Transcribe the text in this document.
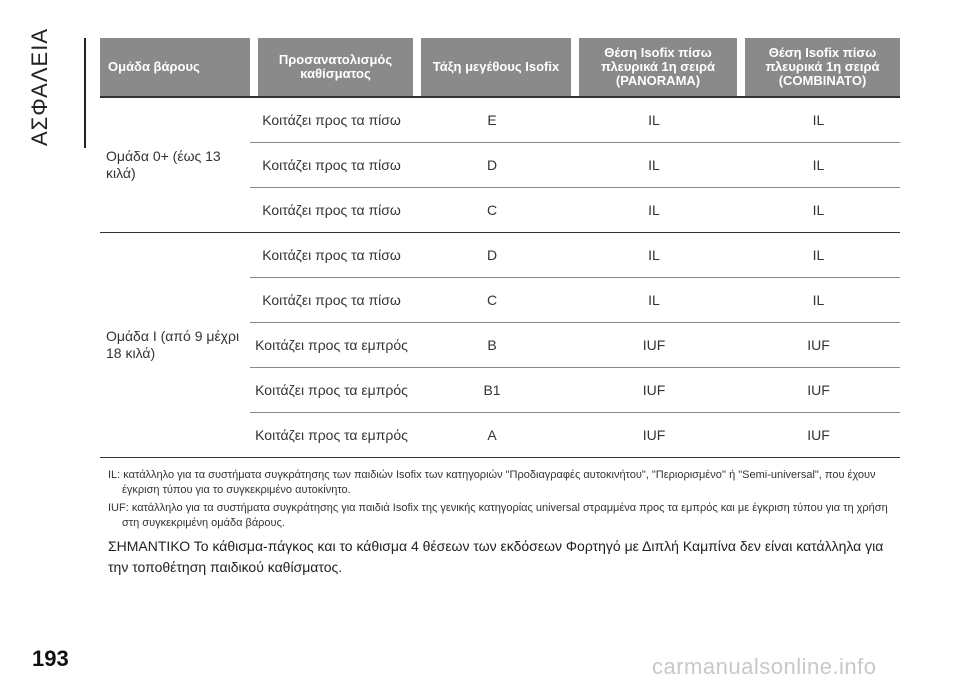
ΑΣΦΑΛΕΙΑ	Ομάδα βάρους		Προσανατολισμός καθίσματος		Τάξη μεγέθους Isofix		Θέση Isofix πίσω πλευρικά 1η σειρά (PANORAMA)		Θέση Isofix πίσω πλευρικά 1η σειρά (COMBINATO)
Ομάδα 0+ (έως 13 κιλά)	Κοιτάζει προς τα πίσω		E		IL		IL	
	Κοιτάζει προς τα πίσω		D		IL		IL	
	Κοιτάζει προς τα πίσω		C		IL		IL	
Ομάδα I (από 9 μέχρι 18 κιλά)	Κοιτάζει προς τα πίσω		D		IL		IL	
	Κοιτάζει προς τα πίσω		C		IL		IL	
	Κοιτάζει προς τα εμπρός		B		IUF		IUF	
	Κοιτάζει προς τα εμπρός		B1		IUF		IUF	
	Κοιτάζει προς τα εμπρός		A		IUF		IUF	

IL: κατάλληλο για τα συστήματα συγκράτησης των παιδιών Isofix των κατηγοριών "Προδιαγραφές αυτοκινήτου", "Περιορισμένο'' ή "Semi-universal", που έχουν έγκριση τύπου για το συγκεκριμένο αυτοκίνητο.

IUF: κατάλληλο για τα συστήματα συγκράτησης για παιδιά Isofix της γενικής κατηγορίας universal στραμμένα προς τα εμπρός και με έγκριση τύπου για τη χρήση στη συγκεκριμένη ομάδα βάρους.

ΣΗΜΑΝΤΙΚΟ Το κάθισμα-πάγκος και το κάθισμα 4 θέσεων των εκδόσεων Φορτηγό με Διπλή Καμπίνα δεν είναι κατάλληλα για την τοποθέτηση παιδικού καθίσματος.
193	carmanualsonline.info
